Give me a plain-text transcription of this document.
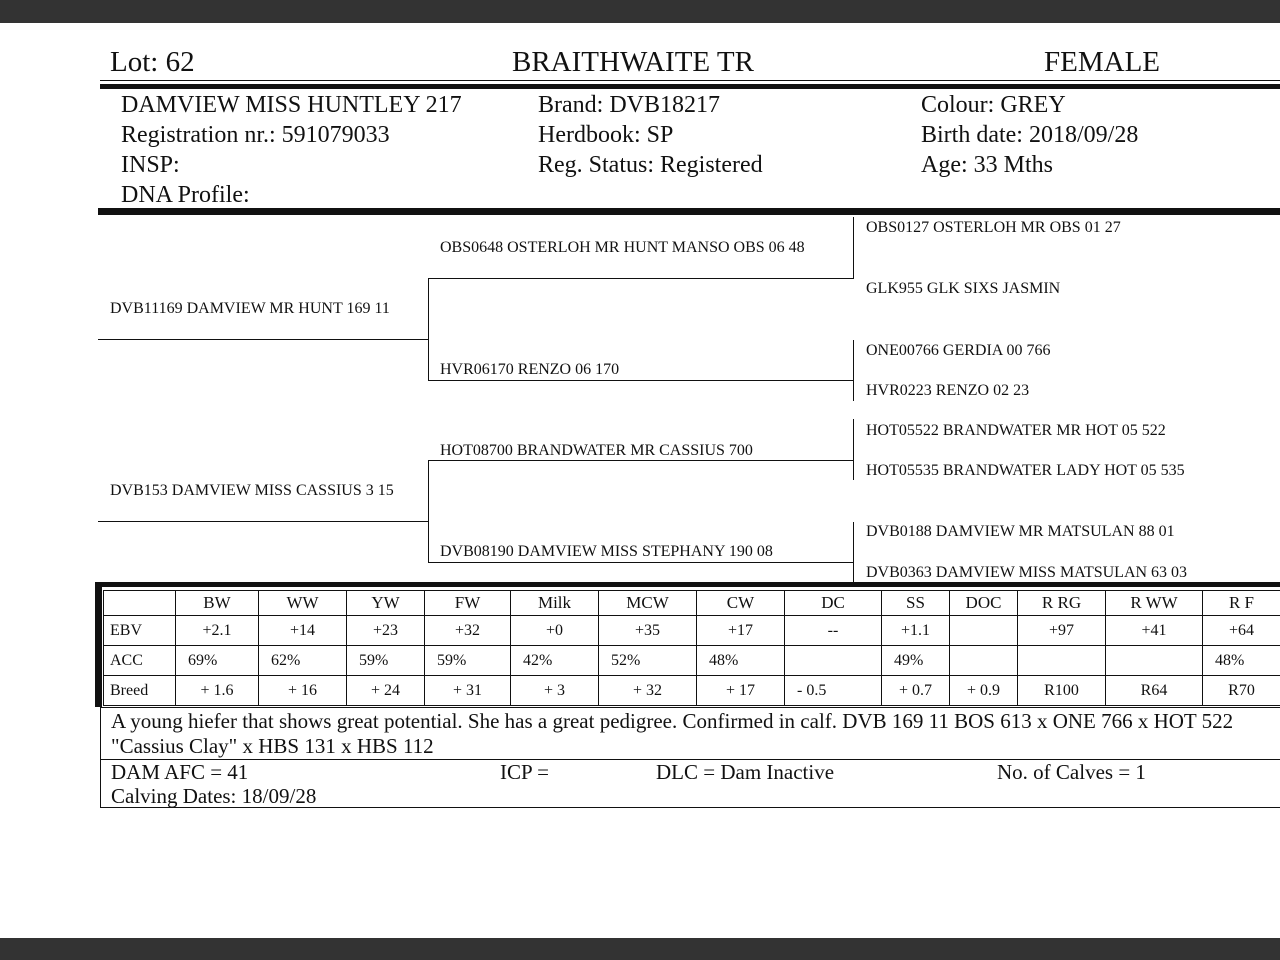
Lot: 62	BRAITHWAITE TR	FEMALE
DAMVIEW MISS HUNTLEY 217
Registration nr.: 591079033
INSP:
DNA Profile:
Brand: DVB18217
Herdbook: SP
Reg. Status: Registered
Colour: GREY
Birth date: 2018/09/28
Age: 33 Mths
DVB11169 DAMVIEW MR HUNT 169 11
DVB153 DAMVIEW MISS CASSIUS 3 15
OBS0648 OSTERLOH MR HUNT MANSO OBS 06 48
HVR06170 RENZO 06 170
HOT08700 BRANDWATER MR CASSIUS 700
DVB08190 DAMVIEW MISS STEPHANY 190 08
OBS0127 OSTERLOH MR OBS 01 27
GLK955 GLK SIXS JASMIN
ONE00766 GERDIA 00 766
HVR0223 RENZO 02 23
HOT05522 BRANDWATER MR HOT 05 522
HOT05535 BRANDWATER LADY HOT 05 535
DVB0188 DAMVIEW MR MATSULAN 88 01
DVB0363 DAMVIEW MISS MATSULAN 63 03
	BW	WW	YW	FW	Milk	MCW	CW	DC	SS	DOC	R RG	R WW	R F
EBV	+2.1	+14	+23	+32	+0	+35	+17	--	+1.1		+97	+41	+64
ACC	69%	62%	59%	59%	42%	52%	48%		49%				48%
Breed	+ 1.6	+ 16	+ 24	+ 31	+ 3	+ 32	+ 17	- 0.5	+ 0.7	+ 0.9	R100	R64	R70
A young hiefer that shows great potential. She has a great pedigree. Confirmed in calf. DVB 169 11 BOS 613 x ONE 766 x HOT 522 "Cassius Clay" x HBS 131 x HBS 112
DAM AFC = 41	ICP =	DLC = Dam Inactive	No. of Calves = 1
Calving Dates: 18/09/28
